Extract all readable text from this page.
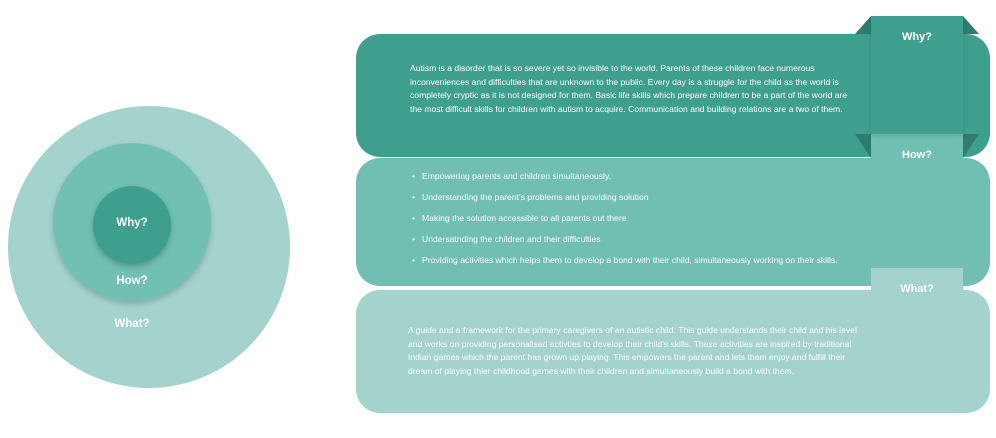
Why?
How?
What?
Autism is a disorder that is so severe yet so invisible to the world. Parents of these children face numerous inconveniences and difficulties that are unknown to the public. Every day is a struggle for the child as the world is completely cryptic as it is not designed for them. Basic life skills which prepare children to be a part of the world are the most difficult skills for children with autism to acquire. Communication and building relations are a two of them.
• Empowering parents and children simultaneously.
• Understanding the parent's problems and providing solution
• Making the solution accessible to all parents out there
• Undersatnding the children and their difficulties
• Providing activities which helps them to develop a bond with their child, simultaneously working on their skills.
A guide and a framework for the primary caregivers of an autistic child. This guide understands their child and his level and works on providing personalised activties to develop their child's skills. These activities are inspired by traditional Indian games which the parent has grown up playing. This empowers the parent and lets them enjoy and fulfill their dream of playing thier childhood games with their children and simultaneously build a bond with them.
Why?
How?
What?
